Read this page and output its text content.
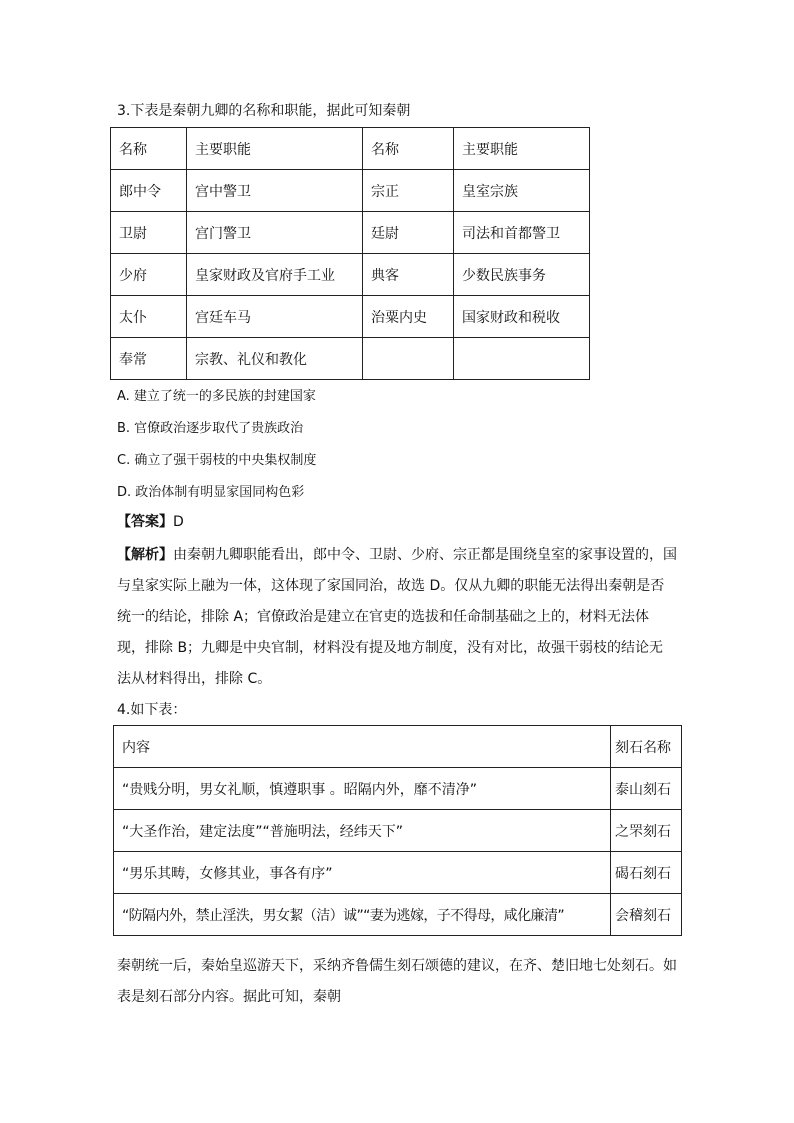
3.下表是秦朝九卿的名称和职能，据此可知秦朝
名称	主要职能	名称	主要职能
郎中令	宫中警卫	宗正	皇室宗族
卫尉	宫门警卫	廷尉	司法和首都警卫
少府	皇家财政及官府手工业	典客	少数民族事务
太仆	宫廷车马	治粟内史	国家财政和税收
奉常	宗教、礼仪和教化		
A. 建立了统一的多民族的封建国家
B. 官僚政治逐步取代了贵族政治
C. 确立了强干弱枝的中央集权制度
D. 政治体制有明显家国同构色彩
【答案】D
【解析】由秦朝九卿职能看出，郎中令、卫尉、少府、宗正都是围绕皇室的家事设置的，国与皇家实际上融为一体，这体现了家国同治，故选 D。仅从九卿的职能无法得出秦朝是否统一的结论，排除 A；官僚政治是建立在官吏的选拔和任命制基础之上的，材料无法体现，排除 B；九卿是中央官制，材料没有提及地方制度，没有对比，故强干弱枝的结论无法从材料得出，排除 C。
4.如下表：
内容	刻石名称
“贵贱分明，男女礼顺，慎遵职事 。昭隔内外，靡不清净”	泰山刻石
“大圣作治，建定法度”“普施明法，经纬天下”	之罘刻石
“男乐其畴，女修其业，事各有序”	碣石刻石
“防隔内外，禁止淫泆，男女絜（洁）诚”“妻为逃嫁，子不得母，咸化廉清”	会稽刻石
秦朝统一后，秦始皇巡游天下，采纳齐鲁儒生刻石颂德的建议，在齐、楚旧地七处刻石。如表是刻石部分内容。据此可知，秦朝
